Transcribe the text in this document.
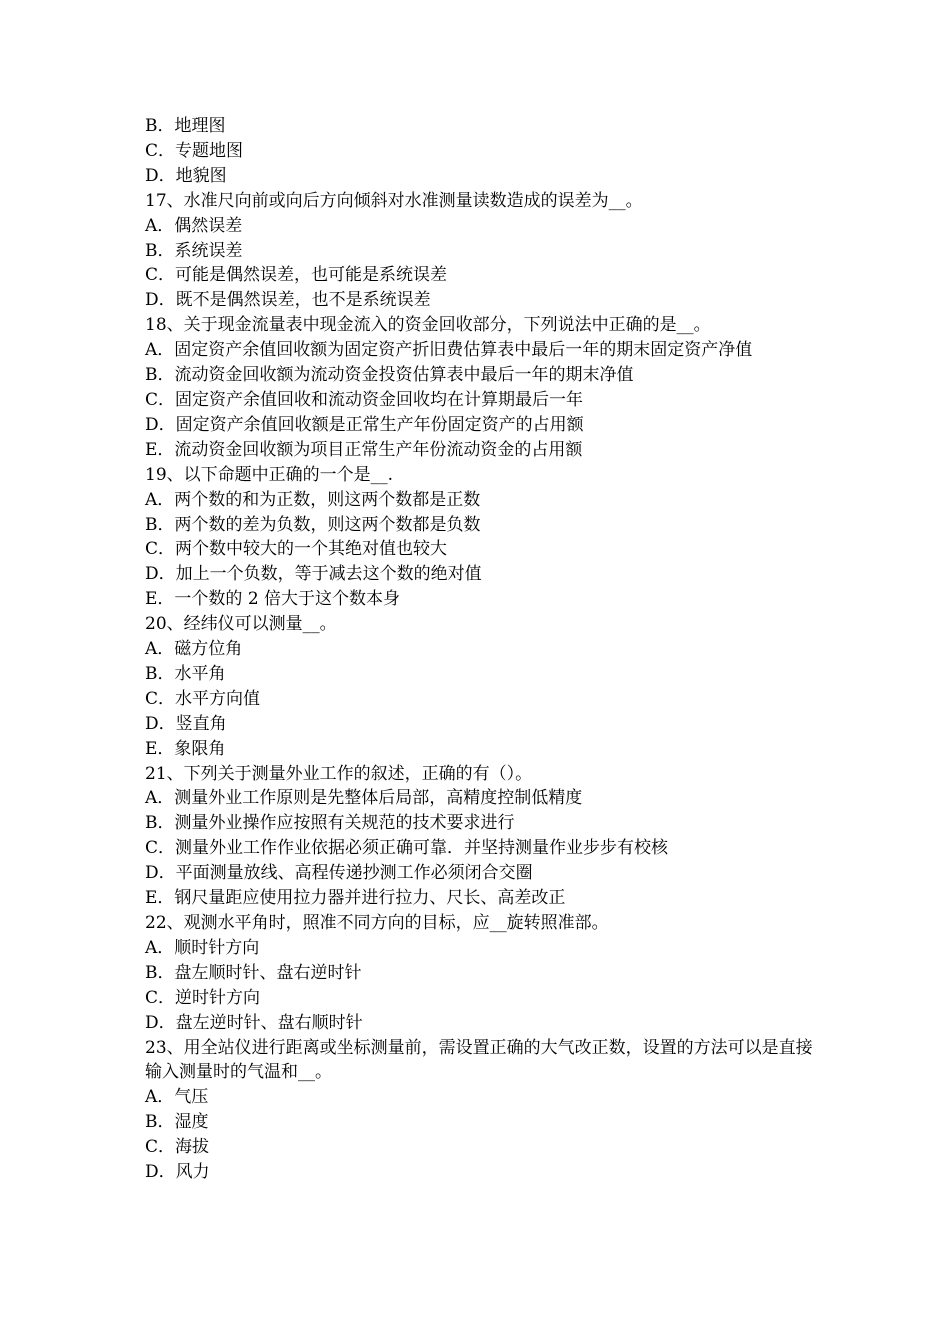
B．地理图
C．专题地图
D．地貌图
17、水准尺向前或向后方向倾斜对水准测量读数造成的误差为__。
A．偶然误差
B．系统误差
C．可能是偶然误差，也可能是系统误差
D．既不是偶然误差，也不是系统误差
18、关于现金流量表中现金流入的资金回收部分，下列说法中正确的是__。
A．固定资产余值回收额为固定资产折旧费估算表中最后一年的期末固定资产净值
B．流动资金回收额为流动资金投资估算表中最后一年的期末净值
C．固定资产余值回收和流动资金回收均在计算期最后一年
D．固定资产余值回收额是正常生产年份固定资产的占用额
E．流动资金回收额为项目正常生产年份流动资金的占用额
19、以下命题中正确的一个是__.
A．两个数的和为正数，则这两个数都是正数
B．两个数的差为负数，则这两个数都是负数
C．两个数中较大的一个其绝对值也较大
D．加上一个负数，等于减去这个数的绝对值
E．一个数的 2 倍大于这个数本身
20、经纬仪可以测量__。
A．磁方位角
B．水平角
C．水平方向值
D．竖直角
E．象限角
21、下列关于测量外业工作的叙述，正确的有（）。
A．测量外业工作原则是先整体后局部，高精度控制低精度
B．测量外业操作应按照有关规范的技术要求进行
C．测量外业工作作业依据必须正确可靠．并坚持测量作业步步有校核
D．平面测量放线、高程传递抄测工作必须闭合交圈
E．钢尺量距应使用拉力器并进行拉力、尺长、高差改正
22、观测水平角时，照准不同方向的目标，应__旋转照准部。
A．顺时针方向
B．盘左顺时针、盘右逆时针
C．逆时针方向
D．盘左逆时针、盘右顺时针
23、用全站仪进行距离或坐标测量前，需设置正确的大气改正数，设置的方法可以是直接输入测量时的气温和__。
A．气压
B．湿度
C．海拔
D．风力
